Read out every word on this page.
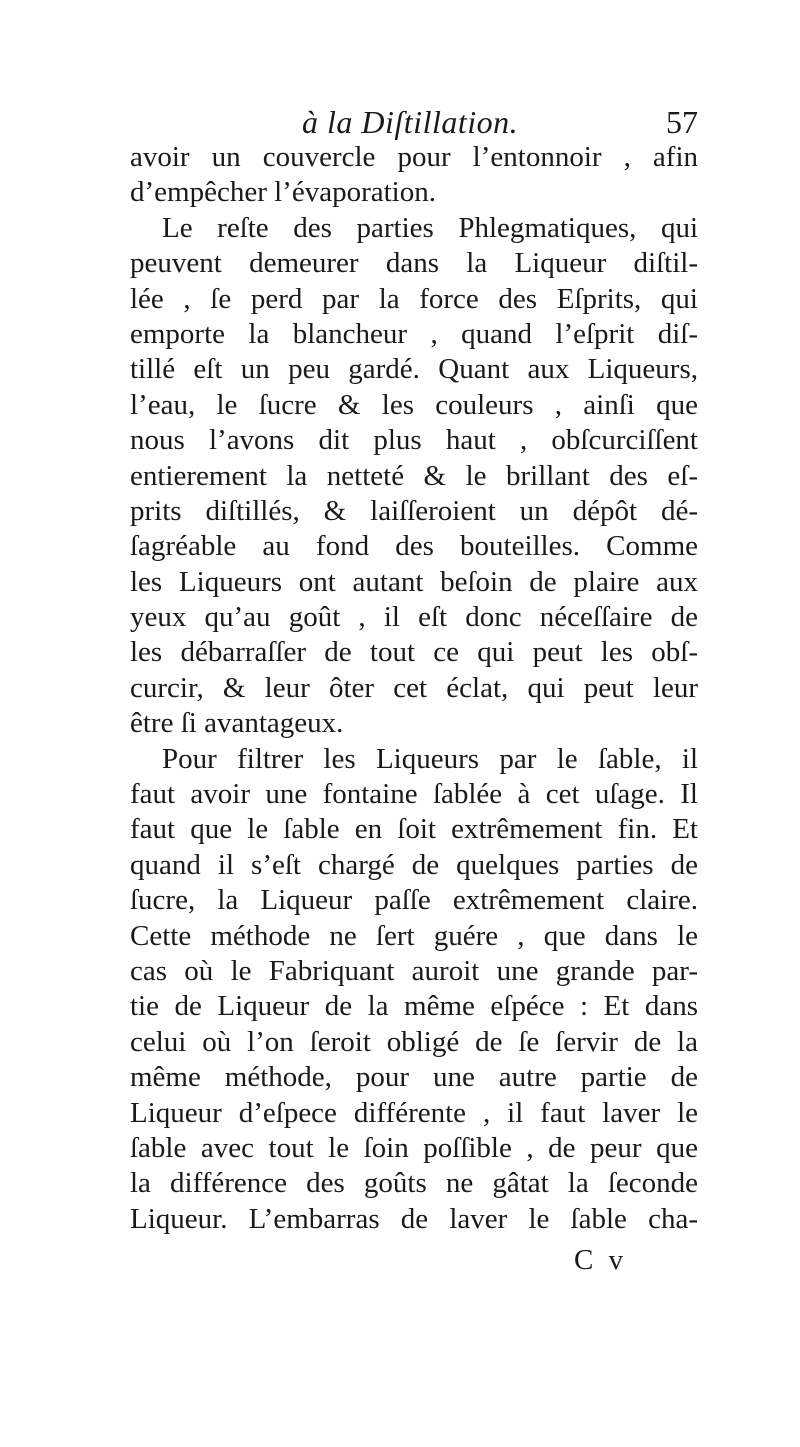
à la Diſtillation.	57
avoir un couvercle pour l’entonnoir , afin
d’empêcher l’évaporation.
Le reſte des parties Phlegmatiques, qui
peuvent demeurer dans la Liqueur diſtil-
lée , ſe perd par la force des Eſprits, qui
emporte la blancheur , quand l’eſprit diſ-
tillé eſt un peu gardé. Quant aux Liqueurs,
l’eau, le ſucre & les couleurs , ainſi que
nous l’avons dit plus haut , obſcurciſſent
entierement la netteté & le brillant des eſ-
prits diſtillés, & laiſſeroient un dépôt dé-
ſagréable au fond des bouteilles. Comme
les Liqueurs ont autant beſoin de plaire aux
yeux qu’au goût , il eſt donc néceſſaire de
les débarraſſer de tout ce qui peut les obſ-
curcir, & leur ôter cet éclat, qui peut leur
être ſi avantageux.
Pour filtrer les Liqueurs par le ſable, il
faut avoir une fontaine ſablée à cet uſage. Il
faut que le ſable en ſoit extrêmement fin. Et
quand il s’eſt chargé de quelques parties de
ſucre, la Liqueur paſſe extrêmement claire.
Cette méthode ne ſert guére , que dans le
cas où le Fabriquant auroit une grande par-
tie de Liqueur de la même eſpéce : Et dans
celui où l’on ſeroit obligé de ſe ſervir de la
même méthode, pour une autre partie de
Liqueur d’eſpece différente , il faut laver le
ſable avec tout le ſoin poſſible , de peur que
la différence des goûts ne gâtat la ſeconde
Liqueur. L’embarras de laver le ſable cha-
C v
